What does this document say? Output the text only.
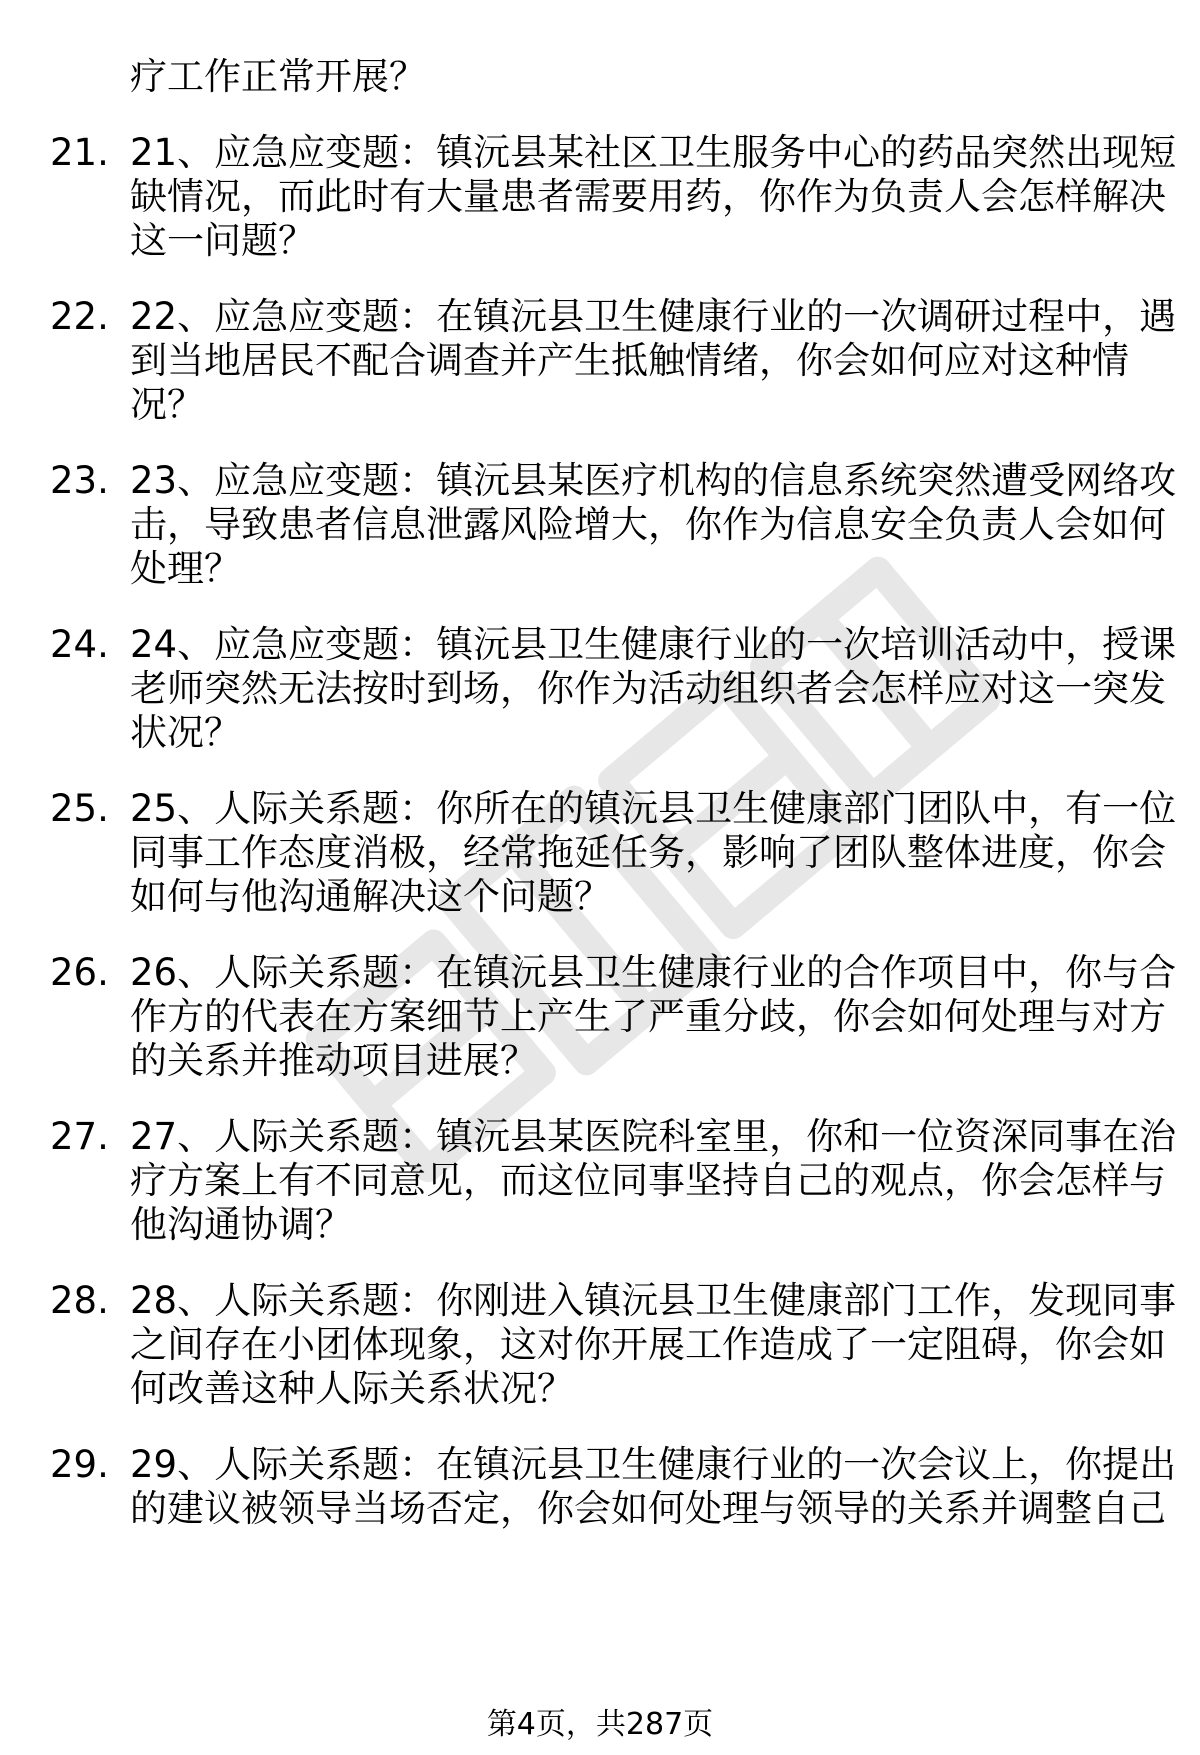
疗工作正常开展？
21. 21、应急应变题：镇沅县某社区卫生服务中心的药品突然出现短
缺情况，而此时有大量患者需要用药，你作为负责人会怎样解决
这一问题？
22. 22、应急应变题：在镇沅县卫生健康行业的一次调研过程中，遇
到当地居民不配合调查并产生抵触情绪，你会如何应对这种情
况？
23. 23、应急应变题：镇沅县某医疗机构的信息系统突然遭受网络攻
击，导致患者信息泄露风险增大，你作为信息安全负责人会如何
处理？
24. 24、应急应变题：镇沅县卫生健康行业的一次培训活动中，授课
老师突然无法按时到场，你作为活动组织者会怎样应对这一突发
状况？
25. 25、人际关系题：你所在的镇沅县卫生健康部门团队中，有一位
同事工作态度消极，经常拖延任务，影响了团队整体进度，你会
如何与他沟通解决这个问题？
26. 26、人际关系题：在镇沅县卫生健康行业的合作项目中，你与合
作方的代表在方案细节上产生了严重分歧，你会如何处理与对方
的关系并推动项目进展？
27. 27、人际关系题：镇沅县某医院科室里，你和一位资深同事在治
疗方案上有不同意见，而这位同事坚持自己的观点，你会怎样与
他沟通协调？
28. 28、人际关系题：你刚进入镇沅县卫生健康部门工作，发现同事
之间存在小团体现象，这对你开展工作造成了一定阻碍，你会如
何改善这种人际关系状况？
29. 29、人际关系题：在镇沅县卫生健康行业的一次会议上，你提出
的建议被领导当场否定，你会如何处理与领导的关系并调整自己
第4页，共287页
